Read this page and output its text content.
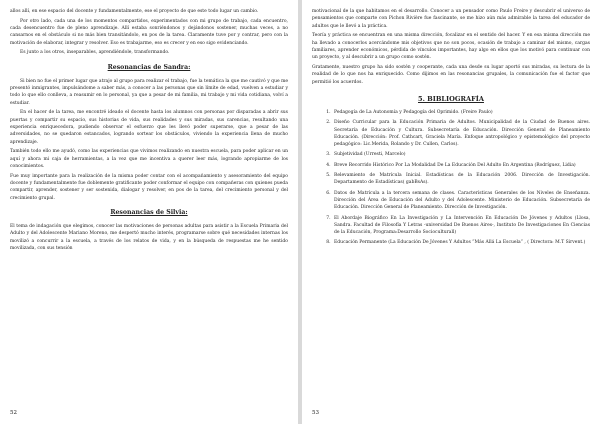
allos allí, en ese espacio del docente y fundamentalmente, ese el proyecto de que este todo lugar un cambio.

Por otro lado, cada una de los momentos compartidos, experimentados con mi grupo de trabajo, cada encuentro, cada desencuentro fue de pleno aprendizaje. Allí estaba sonriéndonos y dejándonos sostener, muchas veces, a no cansarnos en el obstáculo si no más bien transitándolo, en pos de la tarea. Claramente tuve por y contrar, pero con la motivación de elaborar, integrar y resolver. Eso es trabajarme, eso es crecer y en eso sigo evidenciando.

Es junto a los otros, inseparables, aprendiéndole, transformando.

Resonancias de Sandra:

Si bien no fue el primer lugar que atrajo al grupo para realizar el trabajo, fue la temática la que me cautivó y que me presentó inmigrantes, impulsándome a saber más, a conocer a las personas que sin límite de edad, vuelven a estudiar y todo lo que ello conlleva, a reasumir en lo personal, ya que a pesar de mi familia, mi trabajo y mi vida cotidiana, volví a estudiar.

En el hacer de la tarea, me encontré ideado el docente hasta los alumnos con personas por disparadas a abrir sus puertas y compartir su espacio, sus historias de vida, sus realidades y sus miradas, sus carencias, resultando una experiencia enriquecedora, pudiendo observar el esfuerzo que les llevó poder superarse, que a pesar de las adversidades, no se quedaron estancados, logrando sortear los obstáculos, viviendo la experiencia llena de mucho aprendizaje.

También todo ello me ayudó, como las experiencias que vivimos realizando en nuestra escuela, para poder aplicar en un aquí y ahora mi caja de herramientas, a la vez que me incentiva a querer leer más, logrando apropiarme de los conocimientos.

Fue muy importante para la realización de la misma poder contar con el acompañamiento y asesoramiento del equipo docente y fundamentalmente fue doblemente gratificante poder conformar el equipo con compañeras con quienes pueda compartir, aprender, sostener y ser sostenida, dialogar y resolver, en pos de la tarea, del crecimiento personal y del crecimiento grupal.

Resonancias de Silvia:

El tema de indagación que elegimos, conocer las motivaciones de personas adultas para asistir a la Escuela Primaria del Adulto y del Adolescente Mariano Moreno, me despertó mucho interés, programarse sobre qué necesidades internas los movilizó a concurrir a la escuela, a través de los relatos de vida, y en la búsqueda de respuestas me he sentido movilizada, con sus tensión

52

motivacional de la que habitamos en el desarrollo. Conocer a un pensador como Paulo Freire y descubrir el universo de pensamientos que comparte con Pichon Rivière fue fascinante, se me hizo aún más admirable la tarea del educador de adultos que le llevó a la práctica.

Teoría y práctica se encuentran en una misma dirección, focalizar en el sentido del hacer. Y en esa misma dirección me ha llevado a conocerlos acercándome mis objetivos que no son pocos, ocasión de trabajo a caminar del mismo, cargas familiares, aprender económicos, pérdida de vínculos importantes, hay algo en ellos que los motivó para continuar con un proyecto, y al descubrir a un grupo como sostén.

Gratamente, nuestro grupo ha sido sostén y cooperante, cada una desde su lugar aportó sus miradas, su lectura de la realidad de lo que nos ha enriquecido. Como dijimos en las resonancias grupales, la comunicación fue el factor que permitió los acuerdos.

5. BIBLIOGRAFÍA
1. Pedagogía de La Autonomía y Pedagogía del Oprimido. (Freire Paulo)
2. Diseño Curricular para la Educación Primaria de Adultos. Municipalidad de la Ciudad de Buenos aires. Secretaría de Educación y Cultura. Subsecretaría de Educación. Dirección General de Planeamiento Educación. (Dirección: Prof. Cathcart, Graciela María. Enfoque antropológico y epistemológico del proyecto pedagógico: Lic.Merida, Rolando y Dr. Cullen, Carlos).
3. Subjetividad (Urresti, Marcelo)
4. Breve Recorrido Histórico Por La Modalidad De La Educación Del Adulto En Argentina (Rodríguez, Lidia)
5. Relevamiento de Matrícula Inicial. Estadísticas de la Educación 2006. Dirección de Investigación. Departamento de Estadísticas( gabBsAs).
6. Datos de Matrícula a la tercera semana de clases. Características Generales de los Niveles de Enseñanza. Dirección del Área de Educación del Adulto y del Adolescente. Ministerio de Educación. Subsecretaría de Educación. Dirección General de Planeamiento. Dirección de Investigación.
7. El Abordaje Biográfico En La Investigación y La Intervención En Educación De Jóvenes y Adultos (Llosa, Sandra. Facultad de Filosofía Y Letras -universidad De Buenos Aires-, Instituto De Investigaciones En Ciencias de la Educación, Programa:Desarrollo Socioculturall)
8. Educación Permanente (La Educación De Jóvenes Y Adultos “Más Allá La Escuela” , ( Directora: M.T Sirvent.)
53
